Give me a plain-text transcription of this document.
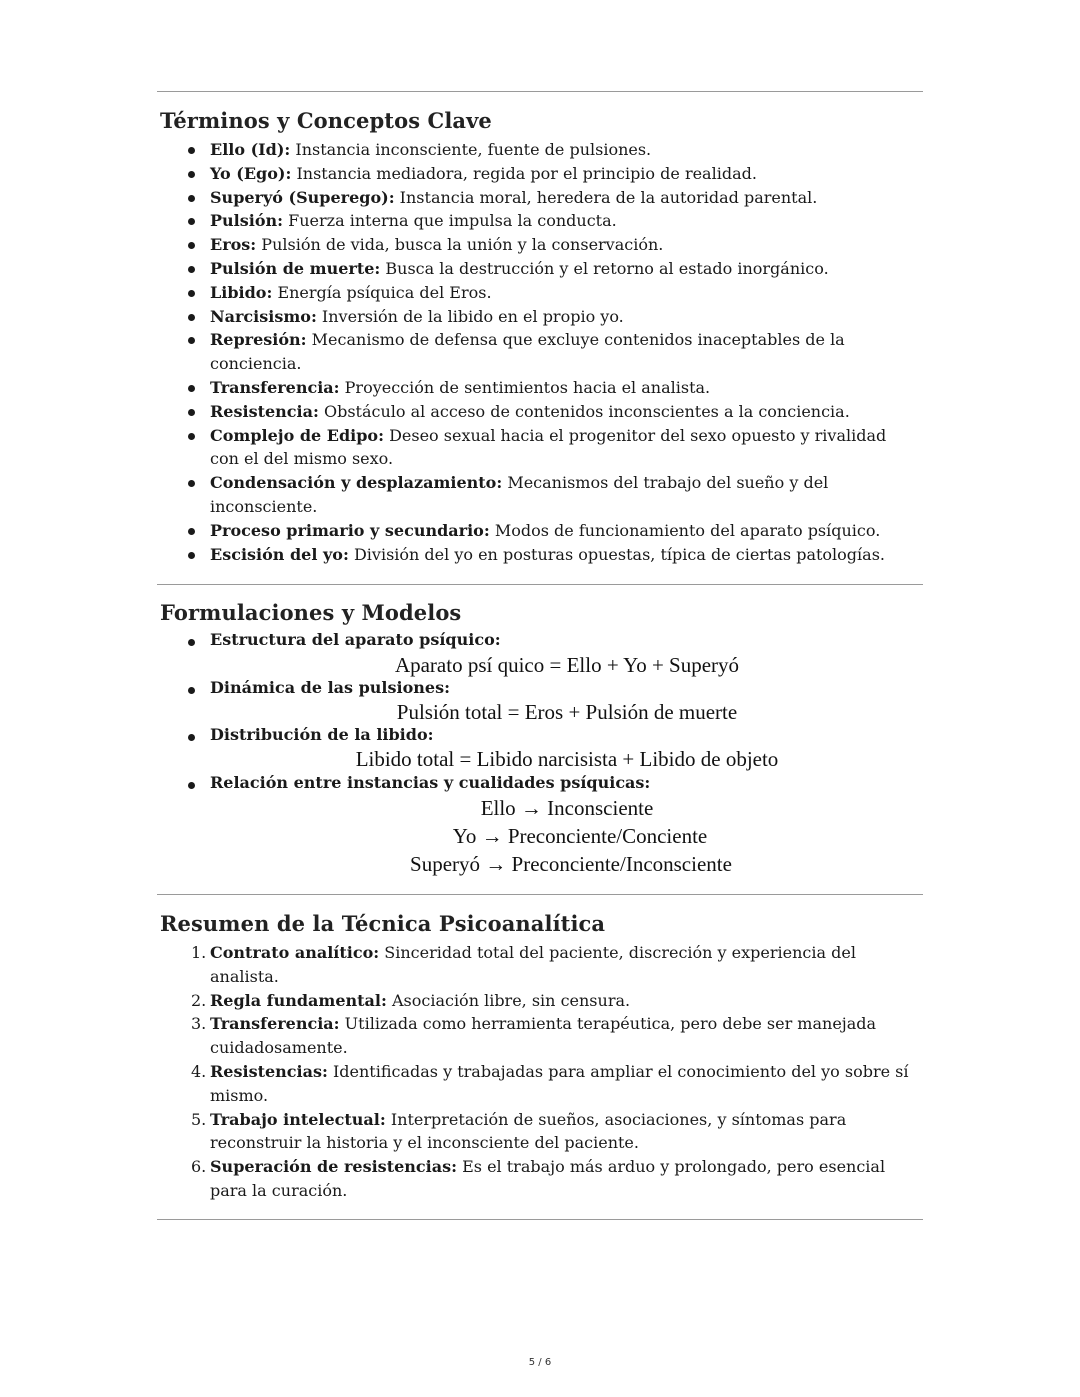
Términos y Conceptos Clave
Ello (Id): Instancia inconsciente, fuente de pulsiones.
Yo (Ego): Instancia mediadora, regida por el principio de realidad.
Superyó (Superego): Instancia moral, heredera de la autoridad parental.
Pulsión: Fuerza interna que impulsa la conducta.
Eros: Pulsión de vida, busca la unión y la conservación.
Pulsión de muerte: Busca la destrucción y el retorno al estado inorgánico.
Libido: Energía psíquica del Eros.
Narcisismo: Inversión de la libido en el propio yo.
Represión: Mecanismo de defensa que excluye contenidos inaceptables de la conciencia.
Transferencia: Proyección de sentimientos hacia el analista.
Resistencia: Obstáculo al acceso de contenidos inconscientes a la conciencia.
Complejo de Edipo: Deseo sexual hacia el progenitor del sexo opuesto y rivalidad con el del mismo sexo.
Condensación y desplazamiento: Mecanismos del trabajo del sueño y del inconsciente.
Proceso primario y secundario: Modos de funcionamiento del aparato psíquico.
Escisión del yo: División del yo en posturas opuestas, típica de ciertas patologías.
Formulaciones y Modelos
Estructura del aparato psíquico:
Aparato psí quico = Ello + Yo + Superyó
Dinámica de las pulsiones:
Pulsión total = Eros + Pulsión de muerte
Distribución de la libido:
Libido total = Libido narcisista + Libido de objeto
Relación entre instancias y cualidades psíquicas:
Ello → Inconsciente
Yo → Preconciente/Conciente
Superyó → Preconciente/Inconsciente
Resumen de la Técnica Psicoanalítica
1. Contrato analítico: Sinceridad total del paciente, discreción y experiencia del analista.
2. Regla fundamental: Asociación libre, sin censura.
3. Transferencia: Utilizada como herramienta terapéutica, pero debe ser manejada cuidadosamente.
4. Resistencias: Identificadas y trabajadas para ampliar el conocimiento del yo sobre sí mismo.
5. Trabajo intelectual: Interpretación de sueños, asociaciones, y síntomas para reconstruir la historia y el inconsciente del paciente.
6. Superación de resistencias: Es el trabajo más arduo y prolongado, pero esencial para la curación.
5 / 6
